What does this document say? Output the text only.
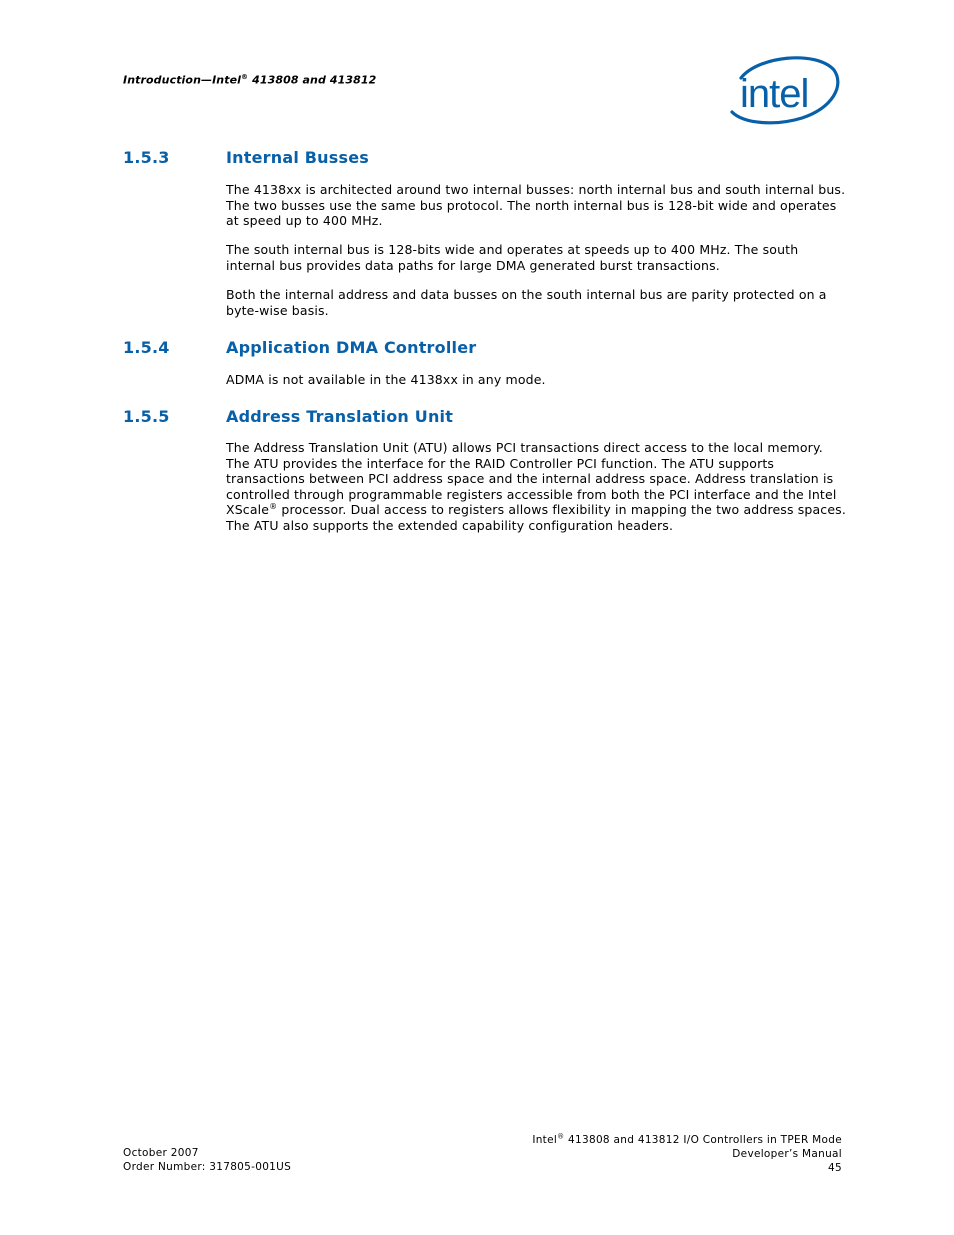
Introduction—Intel® 413808 and 413812	intel
1.5.3	Internal Busses

The 4138xx is architected around two internal busses: north internal bus and south internal bus. The two busses use the same bus protocol. The north internal bus is 128-bit wide and operates at speed up to 400 MHz.

The south internal bus is 128-bits wide and operates at speeds up to 400 MHz. The south internal bus provides data paths for large DMA generated burst transactions.

Both the internal address and data busses on the south internal bus are parity protected on a byte-wise basis.

1.5.4	Application DMA Controller

ADMA is not available in the 4138xx in any mode.

1.5.5	Address Translation Unit

The Address Translation Unit (ATU) allows PCI transactions direct access to the local memory. The ATU provides the interface for the RAID Controller PCI function. The ATU supports transactions between PCI address space and the internal address space. Address translation is controlled through programmable registers accessible from both the PCI interface and the Intel XScale® processor. Dual access to registers allows flexibility in mapping the two address spaces. The ATU also supports the extended capability configuration headers.

October 2007
Order Number: 317805-001US
Intel® 413808 and 413812 I/O Controllers in TPER Mode
Developer’s Manual
45
